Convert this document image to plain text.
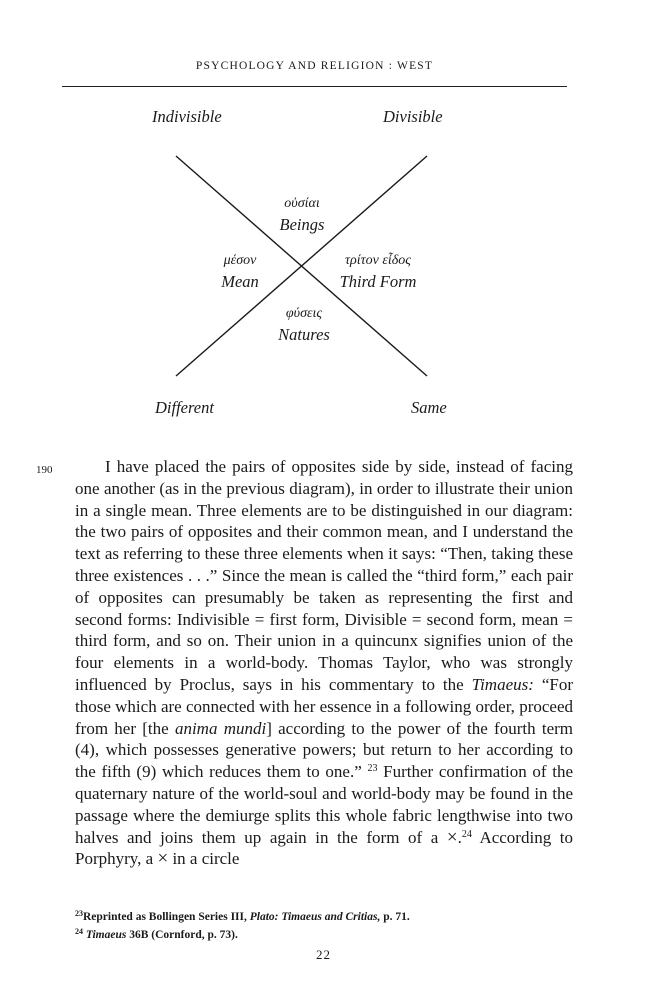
PSYCHOLOGY AND RELIGION : WEST
Indivisible	Divisible
Different	Same
οὐσίαι
Beings
μέσον
Mean
τρίτον εἶδος
Third Form
φύσεις
Natures
190	I have placed the pairs of opposites side by side, instead of facing one another (as in the previous diagram), in order to illustrate their union in a single mean. Three elements are to be distinguished in our diagram: the two pairs of opposites and their common mean, and I understand the text as referring to these three elements when it says: “Then, taking these three existences . . .” Since the mean is called the “third form,” each pair of opposites can presumably be taken as representing the first and second forms: Indivisible = first form, Divisible = second form, mean = third form, and so on. Their union in a quincunx signifies union of the four elements in a world-body. Thomas Taylor, who was strongly influenced by Proclus, says in his commentary to the Timaeus: “For those which are connected with her essence in a following order, proceed from her [the anima mundi] according to the power of the fourth term (4), which possesses generative powers; but return to her according to the fifth (9) which reduces them to one.” $^{23}$ Further confirmation of the quaternary nature of the world-soul and world-body may be found in the passage where the demiurge splits this whole fabric lengthwise into two halves and joins them up again in the form of a ×.$^{24}$ According to Porphyry, a × in a circle

$^{23}$Reprinted as Bollingen Series III, Plato: Timaeus and Critias, p. 71.
$^{24}$ Timaeus 36B (Cornford, p. 73).
22
